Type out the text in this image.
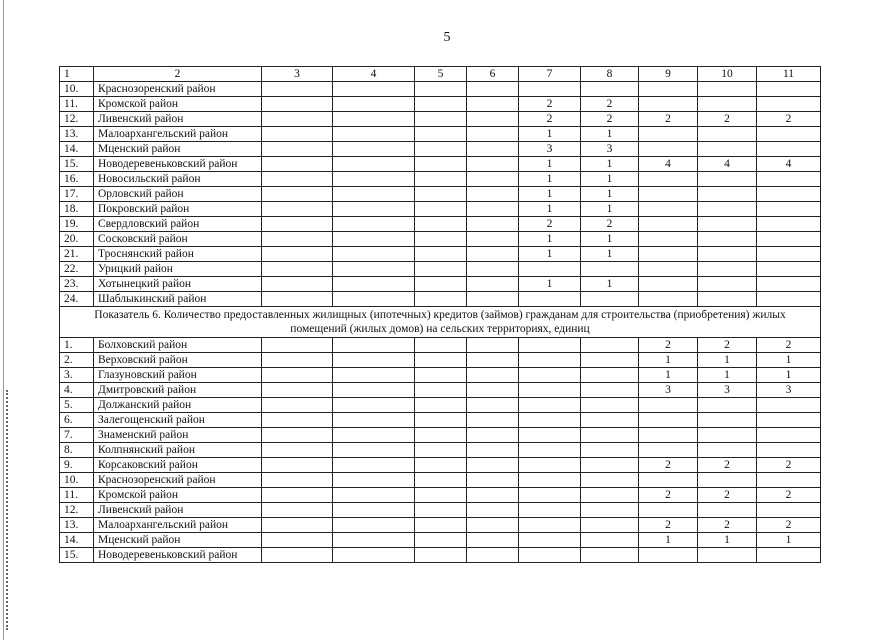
5
1	2	3	4	5	6	7	8	9	10	11
10.	Краснозоренский район									
11.	Кромской район					2	2			
12.	Ливенский район					2	2	2	2	2
13.	Малоархангельский район					1	1			
14.	Мценский район					3	3			
15.	Новодеревеньковский район					1	1	4	4	4
16.	Новосильский район					1	1			
17.	Орловский район					1	1			
18.	Покровский район					1	1			
19.	Свердловский район					2	2			
20.	Сосковский район					1	1			
21.	Троснянский район					1	1			
22.	Урицкий район									
23.	Хотынецкий район					1	1			
24.	Шаблыкинский район									
Показатель 6. Количество предоставленных жилищных (ипотечных) кредитов (займов) гражданам для строительства (приобретения) жилых помещений (жилых домов) на сельских территориях, единиц										
1.	Болховский район							2	2	2
2.	Верховский район							1	1	1
3.	Глазуновский район							1	1	1
4.	Дмитровский район							3	3	3
5.	Должанский район									
6.	Залегощенский район									
7.	Знаменский район									
8.	Колпнянский район									
9.	Корсаковский район							2	2	2
10.	Краснозоренский район									
11.	Кромской район							2	2	2
12.	Ливенский район									
13.	Малоархангельский район							2	2	2
14.	Мценский район							1	1	1
15.	Новодеревеньковский район									
